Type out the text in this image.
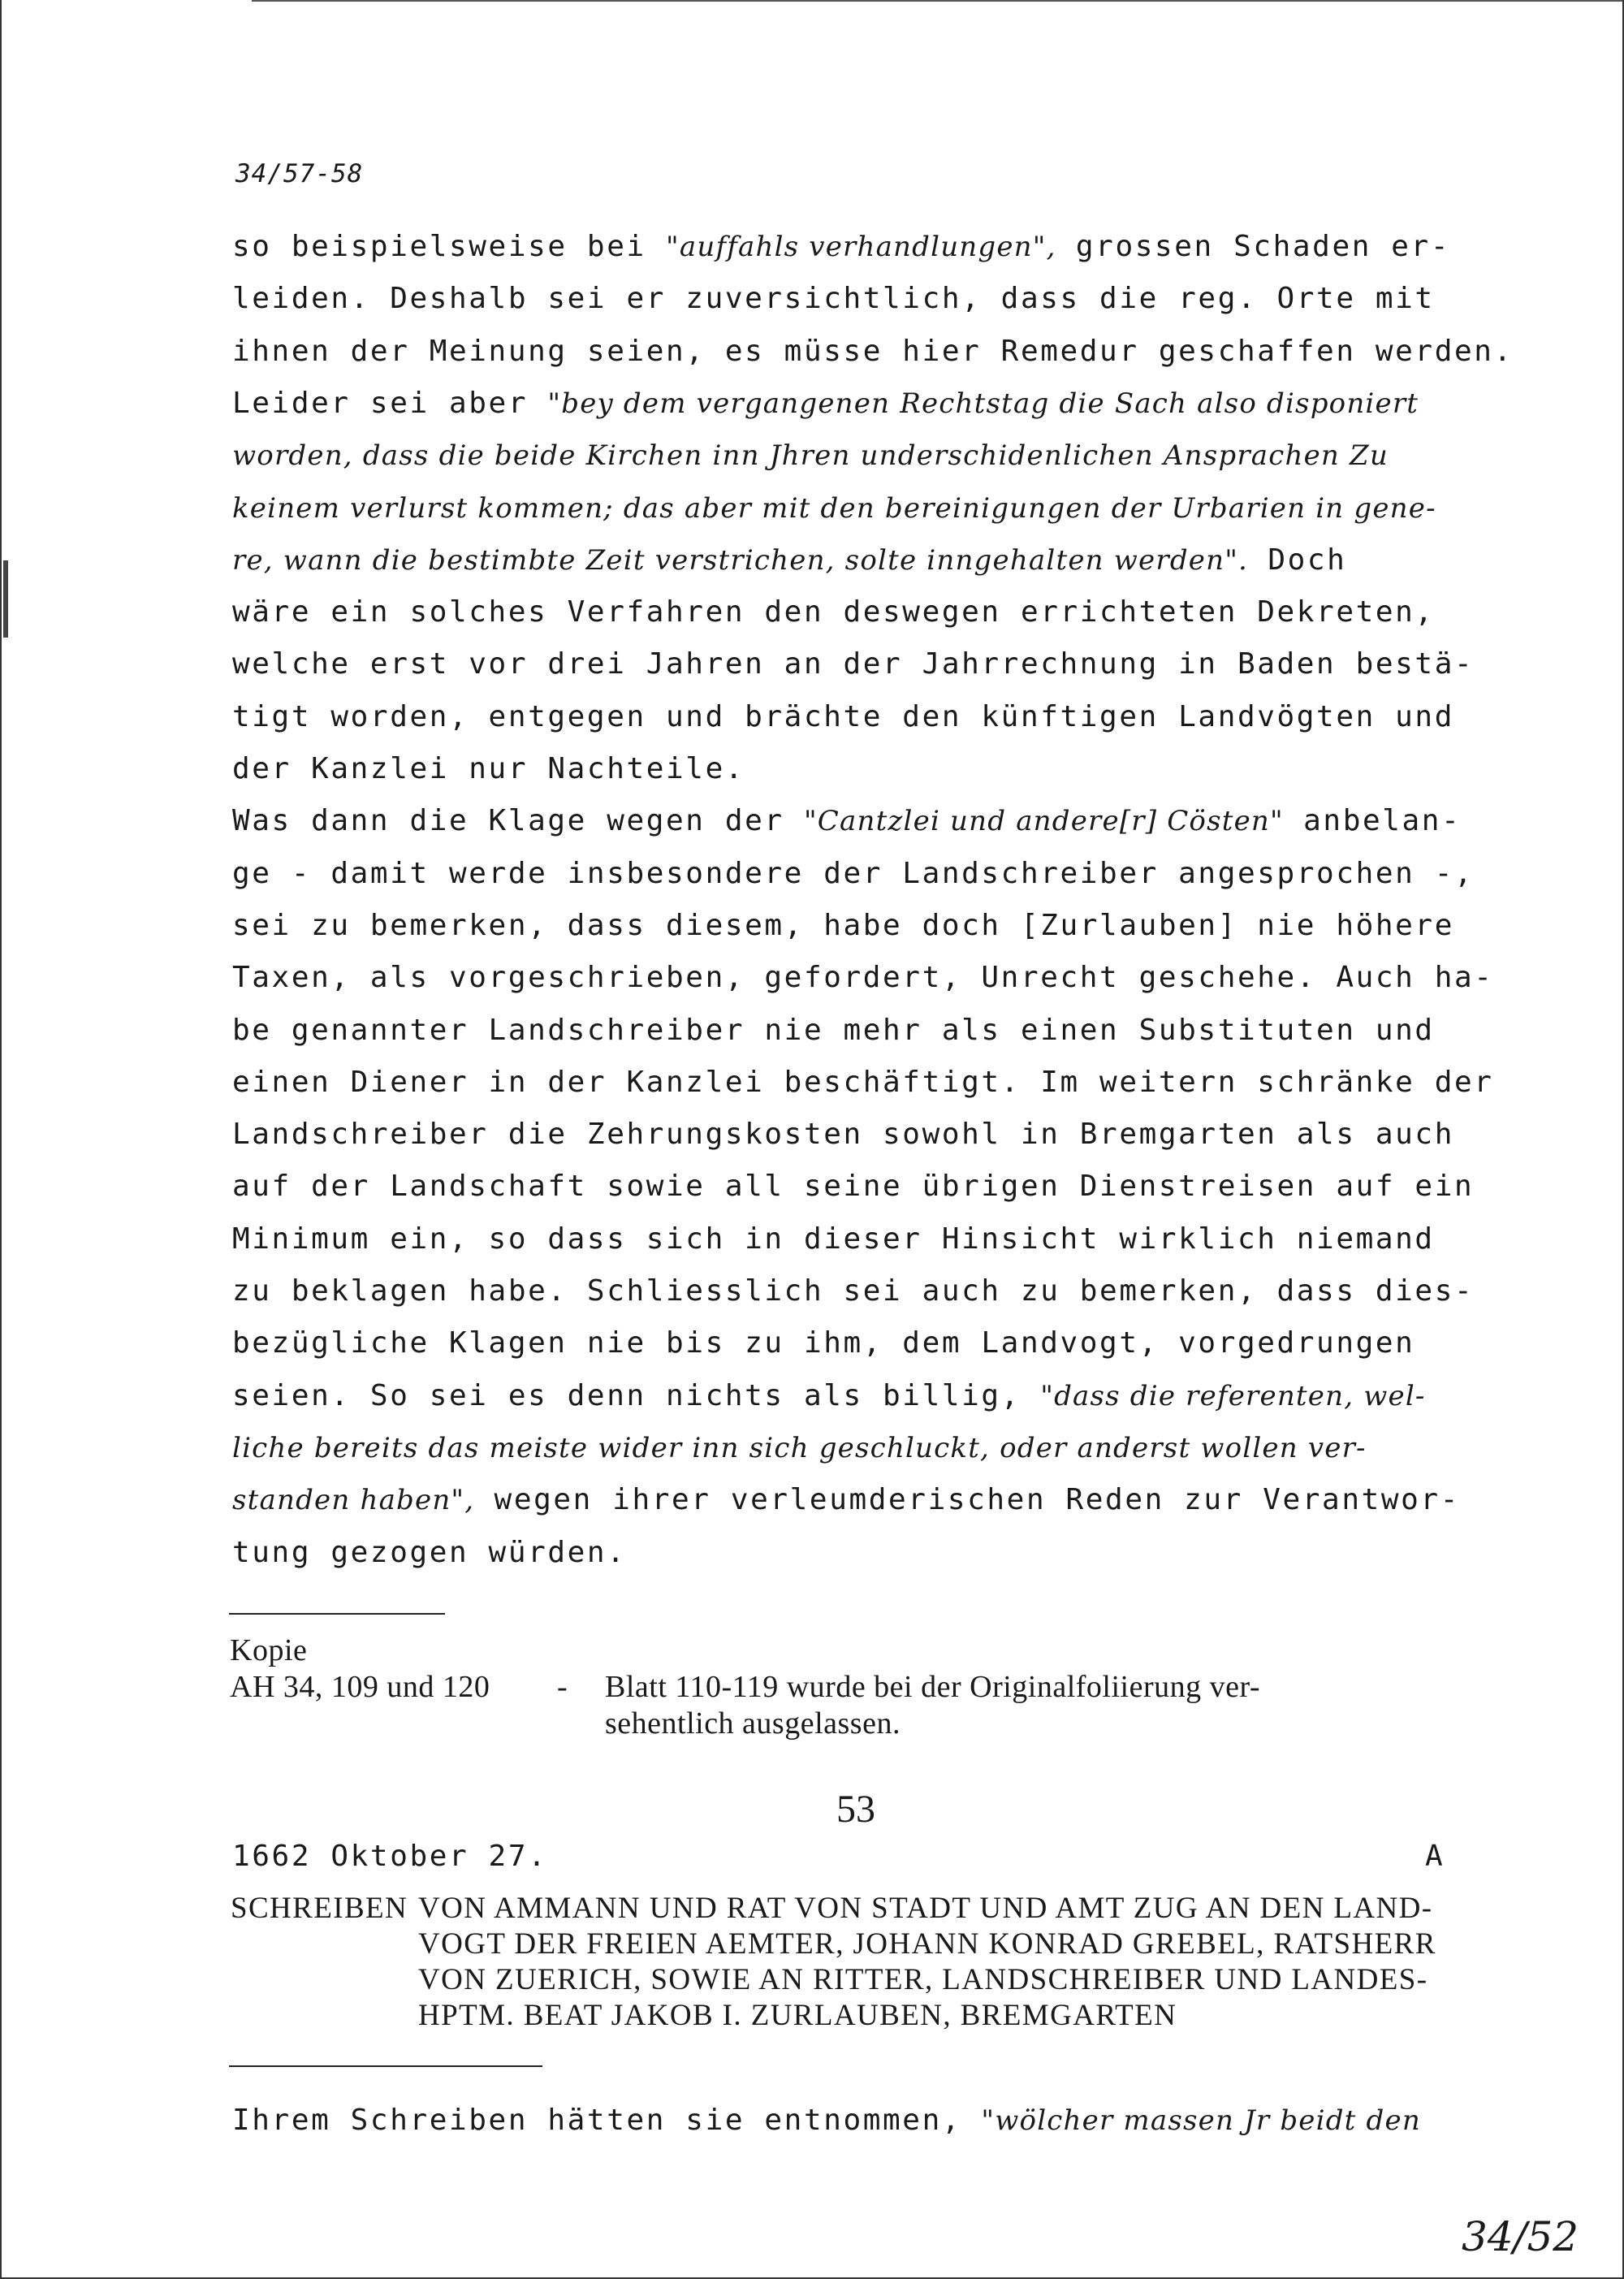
34/57-58
so beispielsweise bei "auffahls verhandlungen", grossen Schaden er-
leiden. Deshalb sei er zuversichtlich, dass die reg. Orte mit
ihnen der Meinung seien, es müsse hier Remedur geschaffen werden.
Leider sei aber "bey dem vergangenen Rechtstag die Sach also disponiert
worden, dass die beide Kirchen inn Jhren underschidenlichen Ansprachen Zu
keinem verlurst kommen; das aber mit den bereinigungen der Urbarien in gene-
re, wann die bestimbte Zeit verstrichen, solte inngehalten werden". Doch
wäre ein solches Verfahren den deswegen errichteten Dekreten,
welche erst vor drei Jahren an der Jahrrechnung in Baden bestä-
tigt worden, entgegen und brächte den künftigen Landvögten und
der Kanzlei nur Nachteile.
Was dann die Klage wegen der "Cantzlei und andere[r] Cösten" anbelan-
ge - damit werde insbesondere der Landschreiber angesprochen -,
sei zu bemerken, dass diesem, habe doch [Zurlauben] nie höhere
Taxen, als vorgeschrieben, gefordert, Unrecht geschehe. Auch ha-
be genannter Landschreiber nie mehr als einen Substituten und
einen Diener in der Kanzlei beschäftigt. Im weitern schränke der
Landschreiber die Zehrungskosten sowohl in Bremgarten als auch
auf der Landschaft sowie all seine übrigen Dienstreisen auf ein
Minimum ein, so dass sich in dieser Hinsicht wirklich niemand
zu beklagen habe. Schliesslich sei auch zu bemerken, dass dies-
bezügliche Klagen nie bis zu ihm, dem Landvogt, vorgedrungen
seien. So sei es denn nichts als billig, "dass die referenten, wel-
liche bereits das meiste wider inn sich geschluckt, oder anderst wollen ver-
standen haben", wegen ihrer verleumderischen Reden zur Verantwor-
tung gezogen würden.
Kopie
AH 34, 109 und 120 - Blatt 110-119 wurde bei der Originalfoliierung ver-
sehentlich ausgelassen.
53
1662 Oktober 27.	A
SCHREIBEN VON AMMANN UND RAT VON STADT UND AMT ZUG AN DEN LAND-
VOGT DER FREIEN AEMTER, JOHANN KONRAD GREBEL, RATSHERR
VON ZUERICH, SOWIE AN RITTER, LANDSCHREIBER UND LANDES-
HPTM. BEAT JAKOB I. ZURLAUBEN, BREMGARTEN
Ihrem Schreiben hätten sie entnommen, "wölcher massen Jr beidt den
34/52
